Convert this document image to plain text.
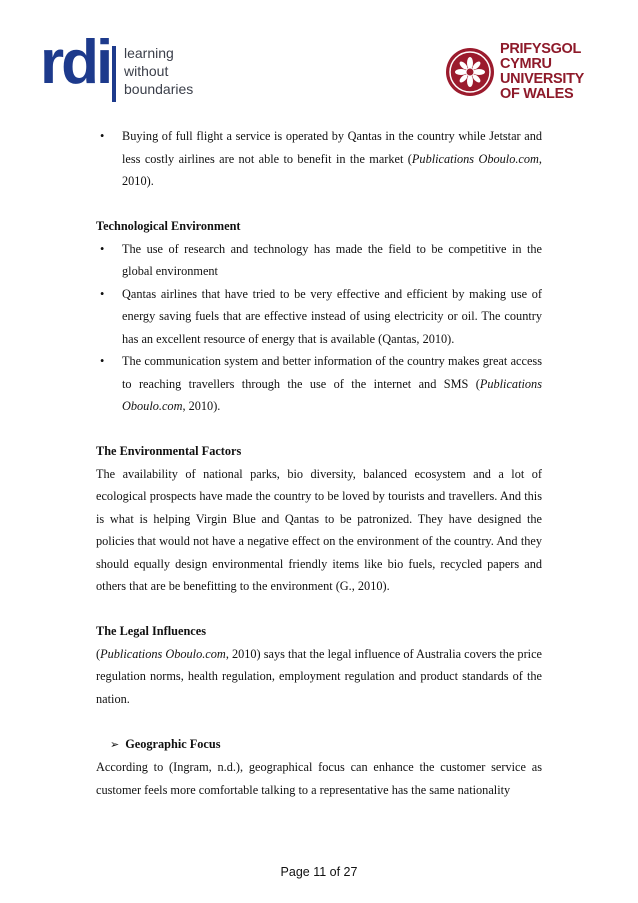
rdi learning
without
boundaries
PRIFYSGOL
CYMRU
UNIVERSITY
OF WALES
• Buying of full flight a service is operated by Qantas in the country while Jetstar and less costly airlines are not able to benefit in the market (Publications Oboulo.com, 2010).

Technological Environment

• The use of research and technology has made the field to be competitive in the global environment
• Qantas airlines that have tried to be very effective and efficient by making use of energy saving fuels that are effective instead of using electricity or oil. The country has an excellent resource of energy that is available (Qantas, 2010).
• The communication system and better information of the country makes great access to reaching travellers through the use of the internet and SMS (Publications Oboulo.com, 2010).

The Environmental Factors

The availability of national parks, bio diversity, balanced ecosystem and a lot of ecological prospects have made the country to be loved by tourists and travellers. And this is what is helping Virgin Blue and Qantas to be patronized. They have designed the policies that would not have a negative effect on the environment of the country. And they should equally design environmental friendly items like bio fuels, recycled papers and others that are be benefitting to the environment (G., 2010).

The Legal Influences

(Publications Oboulo.com, 2010) says that the legal influence of Australia covers the price regulation norms, health regulation, employment regulation and product standards of the nation.

➢ Geographic Focus

According to (Ingram, n.d.), geographical focus can enhance the customer service as customer feels more comfortable talking to a representative has the same nationality

Page 11 of 27
